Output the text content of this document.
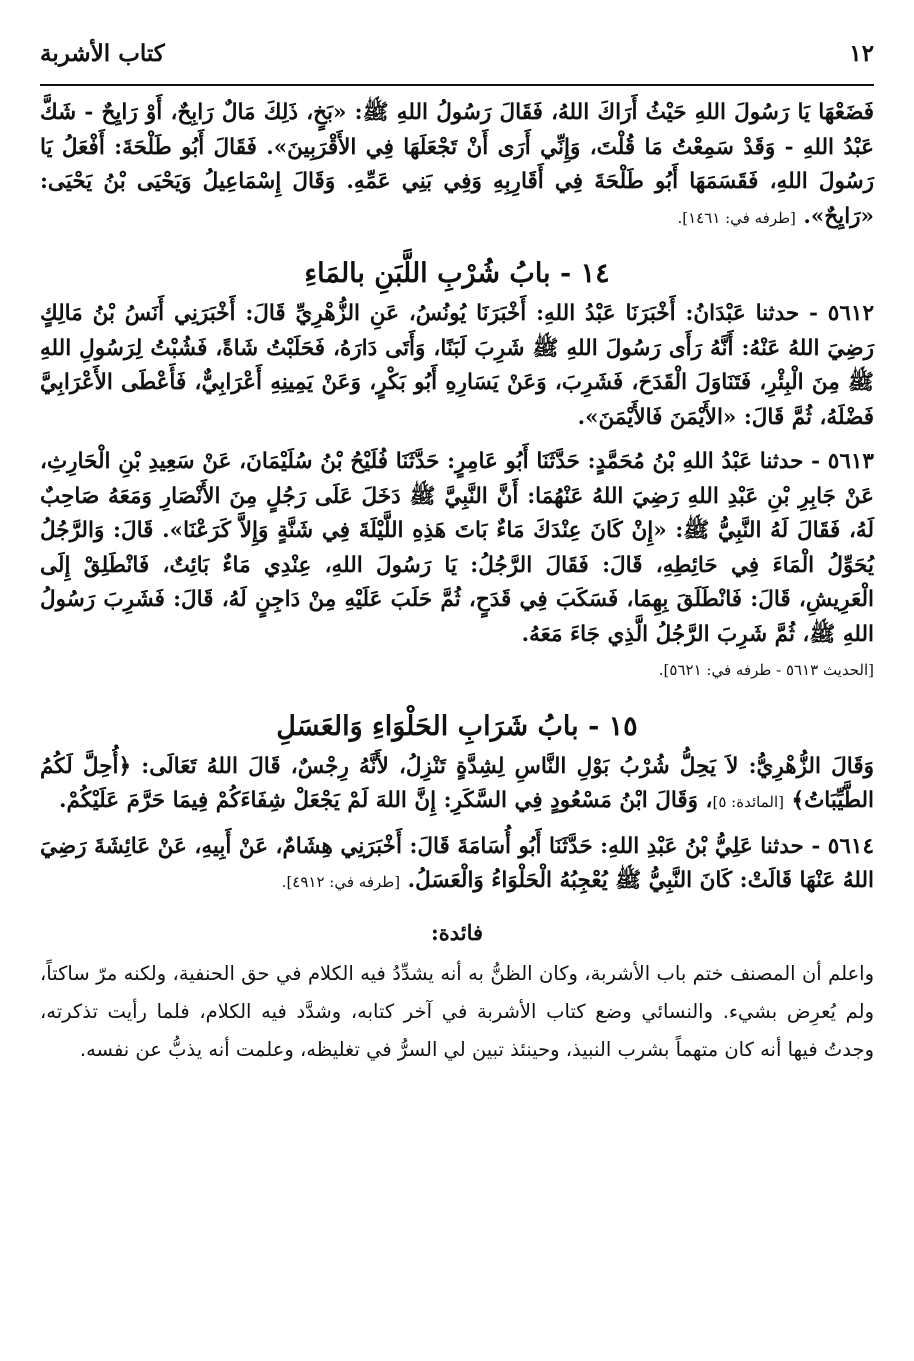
١٢
كتاب الأشربة

فَضَعْهَا يَا رَسُولَ اللهِ حَيْثُ أَرَاكَ اللهُ، فَقَالَ رَسُولُ اللهِ ﷺ: «بَخٍ، ذَلِكَ مَالٌ رَابِحٌ، أَوْ رَايِحٌ - شَكَّ عَبْدُ اللهِ - وَقَدْ سَمِعْتُ مَا قُلْتَ، وَإِنِّي أَرَى أَنْ تَجْعَلَهَا فِي الأَقْرَبِينَ». فَقَالَ أَبُو طَلْحَةَ: أَفْعَلُ يَا رَسُولَ اللهِ، فَقَسَمَهَا أَبُو طَلْحَةَ فِي أَقَارِبِهِ وَفِي بَنِي عَمِّهِ. وَقَالَ إِسْمَاعِيلُ وَيَحْيَى بْنُ يَحْيَى: «رَايِحٌ». [طرفه في: ١٤٦١].

١٤ - بابُ شُرْبِ اللَّبَنِ بالمَاءِ

٥٦١٢ - حدثنا عَبْدَانُ: أَخْبَرَنَا عَبْدُ اللهِ: أَخْبَرَنَا يُونُسُ، عَنِ الزُّهْرِيِّ قَالَ: أَخْبَرَنِي أَنَسُ بْنُ مَالِكٍ رَضِيَ اللهُ عَنْهُ: أَنَّهُ رَأَى رَسُولَ اللهِ ﷺ شَرِبَ لَبَنًا، وَأَتَى دَارَهُ، فَحَلَبْتُ شَاةً، فَشُبْتُ لِرَسُولِ اللهِ ﷺ مِنَ الْبِئْرِ، فَتَنَاوَلَ الْقَدَحَ، فَشَرِبَ، وَعَنْ يَسَارِهِ أَبُو بَكْرٍ، وَعَنْ يَمِينِهِ أَعْرَابِيٌّ، فَأَعْطَى الأَعْرَابِيَّ فَضْلَهُ، ثُمَّ قَالَ: «الأَيْمَنَ فَالأَيْمَنَ».

٥٦١٣ - حدثنا عَبْدُ اللهِ بْنُ مُحَمَّدٍ: حَدَّثَنَا أَبُو عَامِرٍ: حَدَّثَنَا فُلَيْحُ بْنُ سُلَيْمَانَ، عَنْ سَعِيدِ بْنِ الْحَارِثِ، عَنْ جَابِرِ بْنِ عَبْدِ اللهِ رَضِيَ اللهُ عَنْهُمَا: أَنَّ النَّبِيَّ ﷺ دَخَلَ عَلَى رَجُلٍ مِنَ الأَنْصَارِ وَمَعَهُ صَاحِبٌ لَهُ، فَقَالَ لَهُ النَّبِيُّ ﷺ: «إِنْ كَانَ عِنْدَكَ مَاءٌ بَاتَ هَذِهِ اللَّيْلَةَ فِي شَنَّةٍ وَإِلاَّ كَرَعْنَا». قَالَ: وَالرَّجُلُ يُحَوِّلُ الْمَاءَ فِي حَائِطِهِ، قَالَ: فَقَالَ الرَّجُلُ: يَا رَسُولَ اللهِ، عِنْدِي مَاءٌ بَائِتٌ، فَانْطَلِقْ إِلَى الْعَرِيشِ، قَالَ: فَانْطَلَقَ بِهِمَا، فَسَكَبَ فِي قَدَحٍ، ثُمَّ حَلَبَ عَلَيْهِ مِنْ دَاجِنٍ لَهُ، قَالَ: فَشَرِبَ رَسُولُ اللهِ ﷺ، ثُمَّ شَرِبَ الرَّجُلُ الَّذِي جَاءَ مَعَهُ.

[الحديث ٥٦١٣ - طرفه في: ٥٦٢١].

١٥ - بابُ شَرَابِ الحَلْوَاءِ وَالعَسَلِ

وَقَالَ الزُّهْرِيُّ: لاَ يَحِلُّ شُرْبُ بَوْلِ النَّاسِ لِشِدَّةٍ تَنْزِلُ، لأَنَّهُ رِجْسٌ، قَالَ اللهُ تَعَالَى: ﴿أُحِلَّ لَكُمُ الطَّيِّبَاتُ﴾ [المائدة: ٥]، وَقَالَ ابْنُ مَسْعُودٍ فِي السَّكَرِ: إِنَّ اللهَ لَمْ يَجْعَلْ شِفَاءَكُمْ فِيمَا حَرَّمَ عَلَيْكُمْ.

٥٦١٤ - حدثنا عَلِيُّ بْنُ عَبْدِ اللهِ: حَدَّثَنَا أَبُو أُسَامَةَ قَالَ: أَخْبَرَنِي هِشَامٌ، عَنْ أَبِيهِ، عَنْ عَائِشَةَ رَضِيَ اللهُ عَنْهَا قَالَتْ: كَانَ النَّبِيُّ ﷺ يُعْجِبُهُ الْحَلْوَاءُ وَالْعَسَلُ. [طرفه في: ٤٩١٢].

فائدة:

واعلم أن المصنف ختم باب الأشربة، وكان الظنُّ به أنه يشدِّدُ فيه الكلام في حق الحنفية، ولكنه مرّ ساكتاً، ولم يُعرِض بشيء. والنسائي وضع كتاب الأشربة في آخر كتابه، وشدَّد فيه الكلام، فلما رأيت تذكرته، وجدتُ فيها أنه كان متهماً بشرب النبيذ، وحينئذ تبين لي السرُّ في تغليظه، وعلمت أنه يذبُّ عن نفسه.
